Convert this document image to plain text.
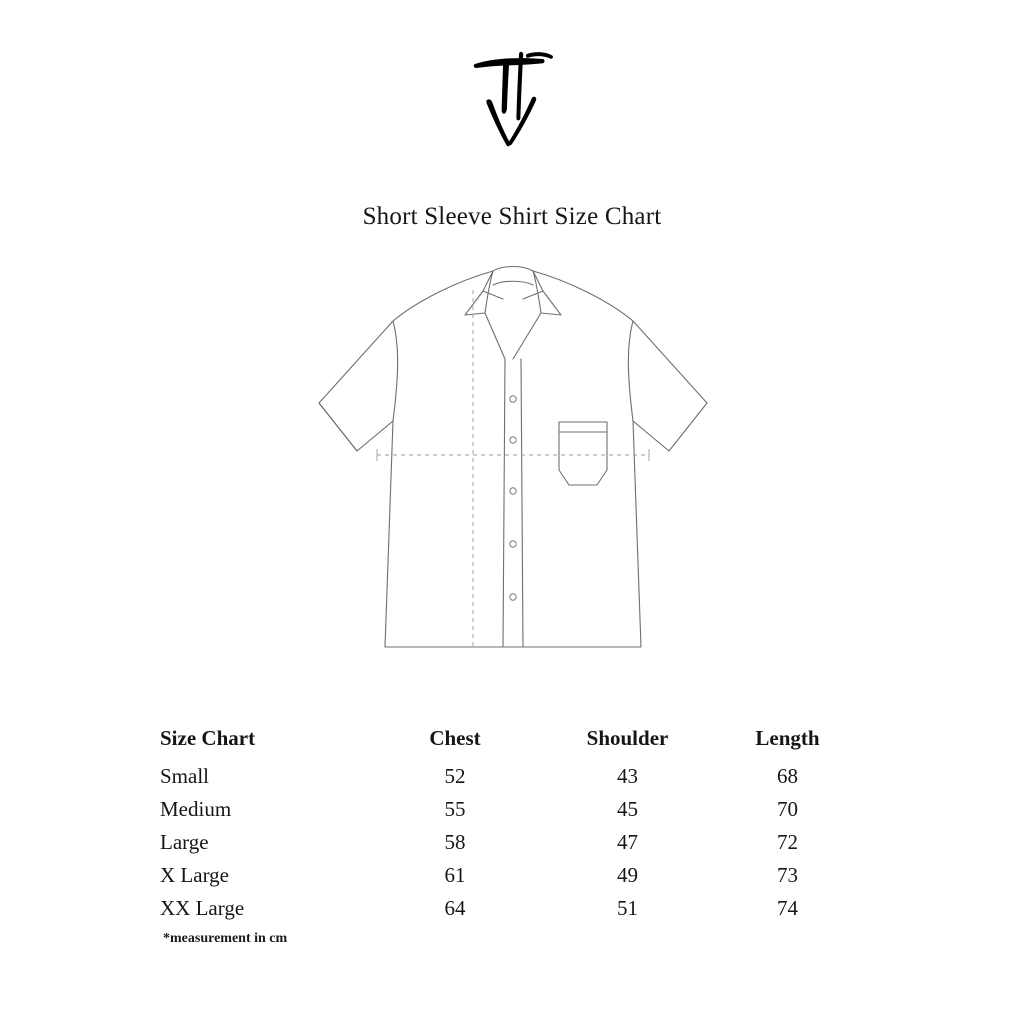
Short Sleeve Shirt Size Chart
Size Chart	Chest	Shoulder	Length
Small	52	43	68
Medium	55	45	70
Large	58	47	72
X Large	61	49	73
XX Large	64	51	74
*measurement in cm
